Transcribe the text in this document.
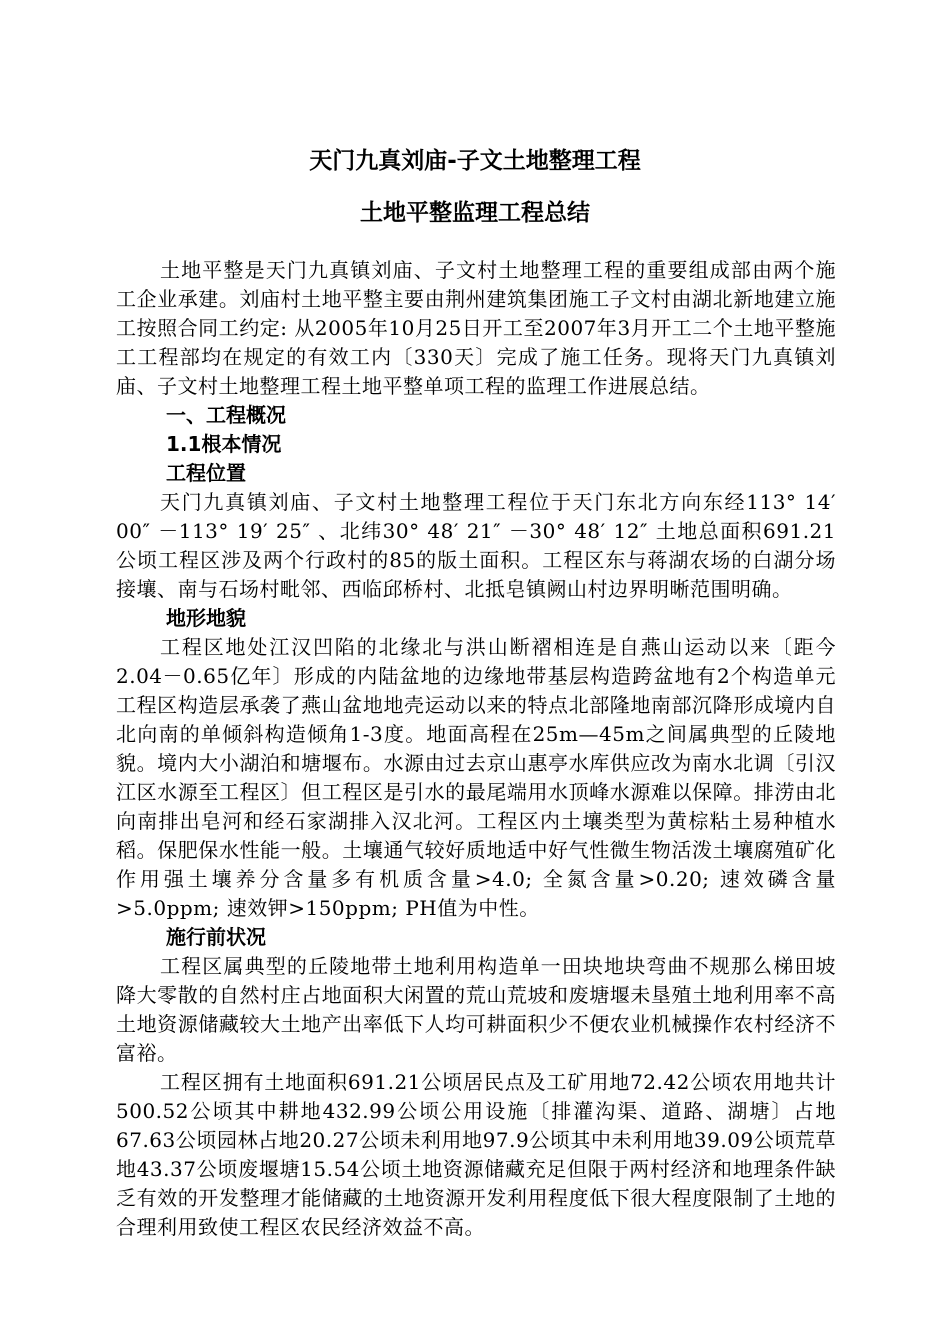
天门九真刘庙-子文土地整理工程
土地平整监理工程总结

土地平整是天门九真镇刘庙、子文村土地整理工程的重要组成部由两个施工企业承建。刘庙村土地平整主要由荆州建筑集团施工子文村由湖北新地建立施工按照合同工约定: 从2005年10月25日开工至2007年3月开工二个土地平整施工工程部均在规定的有效工内〔330天〕完成了施工任务。现将天门九真镇刘庙、子文村土地整理工程土地平整单项工程的监理工作进展总结。

一、工程概况

1.1根本情况

工程位置

天门九真镇刘庙、子文村土地整理工程位于天门东北方向东经113° 14′ 00″ －113° 19′ 25″ 、北纬30° 48′ 21″ －30° 48′ 12″ 土地总面积691.21公顷工程区涉及两个行政村的85的版土面积。工程区东与蒋湖农场的白湖分场接壤、南与石场村毗邻、西临邱桥村、北抵皂镇阙山村边界明晰范围明确。

地形地貌

工程区地处江汉凹陷的北缘北与洪山断褶相连是自燕山运动以来〔距今2.04－0.65亿年〕形成的内陆盆地的边缘地带基层构造跨盆地有2个构造单元工程区构造层承袭了燕山盆地地壳运动以来的特点北部隆地南部沉降形成境内自北向南的单倾斜构造倾角1-3度。地面高程在25m—45m之间属典型的丘陵地貌。境内大小湖泊和塘堰布。水源由过去京山惠亭水库供应改为南水北调〔引汉江区水源至工程区〕但工程区是引水的最尾端用水顶峰水源难以保障。排涝由北向南排出皂河和经石家湖排入汉北河。工程区内土壤类型为黄棕粘土易种植水稻。保肥保水性能一般。土壤通气较好质地适中好气性微生物活泼土壤腐殖矿化作用强土壤养分含量多有机质含量>4.0; 全氮含量>0.20; 速效磷含量>5.0ppm; 速效钾>150ppm; PH值为中性。

施行前状况

工程区属典型的丘陵地带土地利用构造单一田块地块弯曲不规那么梯田坡降大零散的自然村庄占地面积大闲置的荒山荒坡和废塘堰未垦殖土地利用率不高土地资源储藏较大土地产出率低下人均可耕面积少不便农业机械操作农村经济不富裕。

工程区拥有土地面积691.21公顷居民点及工矿用地72.42公顷农用地共计500.52公顷其中耕地432.99公顷公用设施〔排灌沟渠、道路、湖塘〕占地67.63公顷园林占地20.27公顷未利用地97.9公顷其中未利用地39.09公顷荒草地43.37公顷废堰塘15.54公顷土地资源储藏充足但限于两村经济和地理条件缺乏有效的开发整理才能储藏的土地资源开发利用程度低下很大程度限制了土地的合理利用致使工程区农民经济效益不高。
